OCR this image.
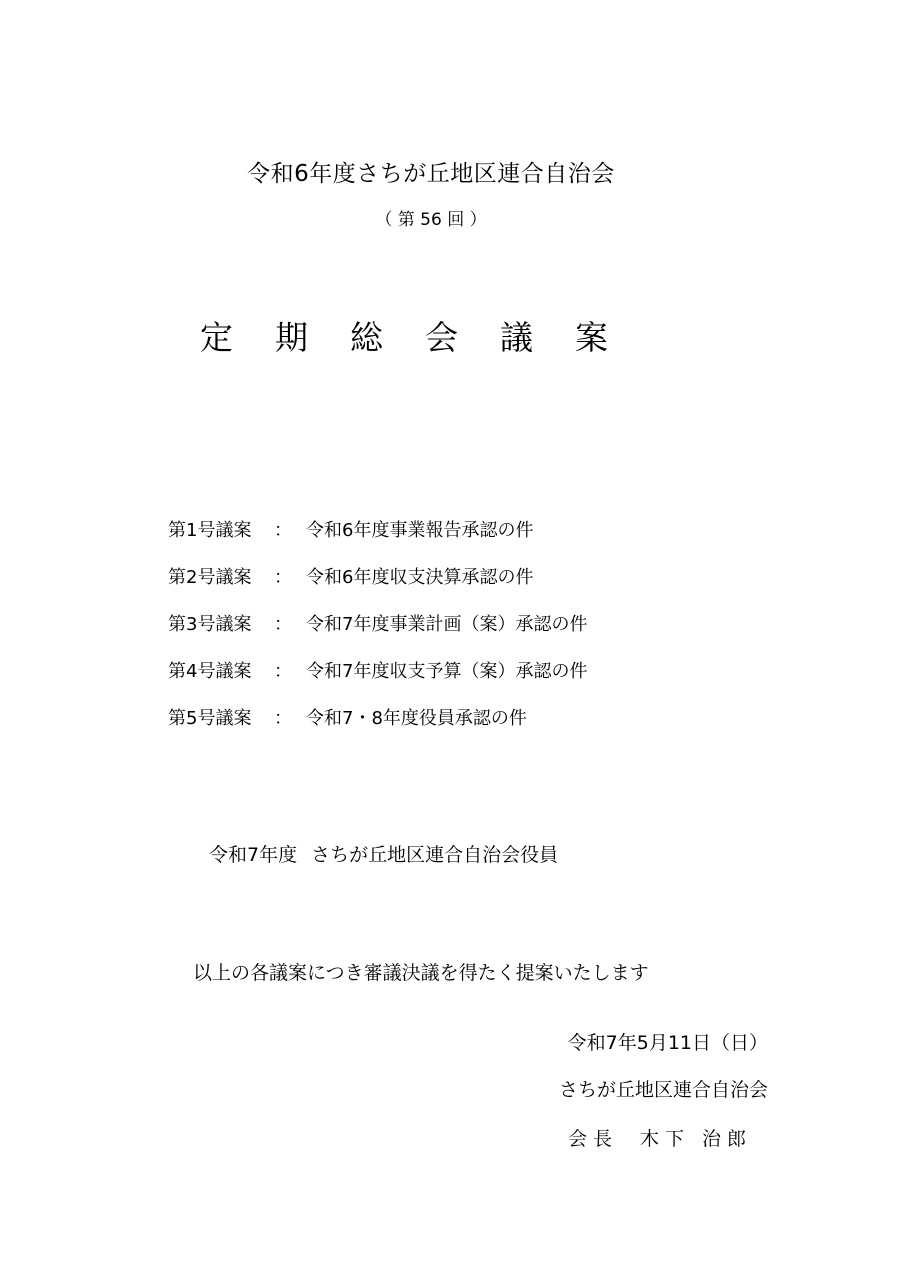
令和6年度さちが丘地区連合自治会
（ 第 56 回 ）
定期総会議案
第1号議案	： 令和6年度事業報告承認の件
第2号議案	： 令和6年度収支決算承認の件
第3号議案	： 令和7年度事業計画（案）承認の件
第4号議案	： 令和7年度収支予算（案）承認の件
第5号議案	： 令和7・8年度役員承認の件
令和7年度 さちが丘地区連合自治会役員
以上の各議案につき審議決議を得たく提案いたします
令和7年5月11日（日）
さちが丘地区連合自治会
会長 木下 治郎
